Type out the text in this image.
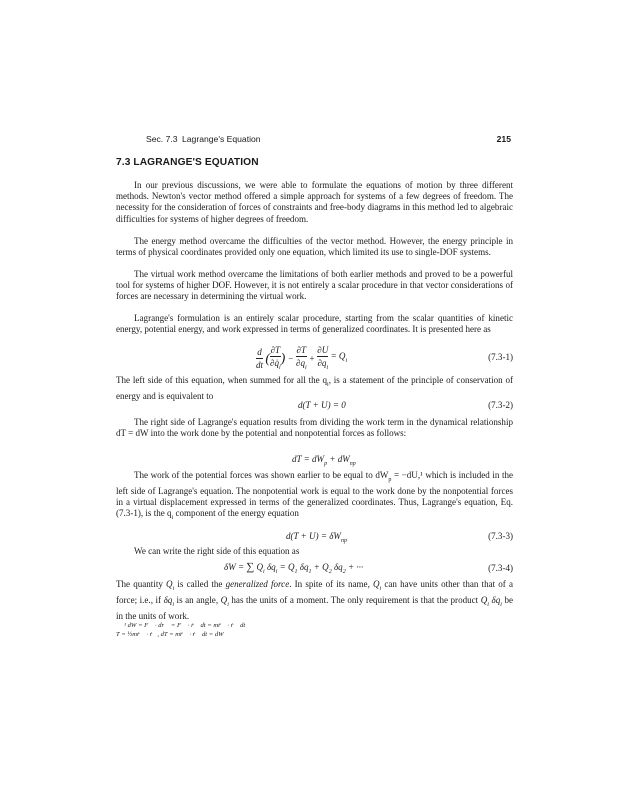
Sec. 7.3 Lagrange's Equation	215
7.3 LAGRANGE'S EQUATION

In our previous discussions, we were able to formulate the equations of motion by three different methods. Newton's vector method offered a simple approach for systems of a few degrees of freedom. The necessity for the consideration of forces of constraints and free-body diagrams in this method led to algebraic difficulties for systems of higher degrees of freedom.

The energy method overcame the difficulties of the vector method. However, the energy principle in terms of physical coordinates provided only one equation, which limited its use to single-DOF systems.

The virtual work method overcame the limitations of both earlier methods and proved to be a powerful tool for systems of higher DOF. However, it is not entirely a scalar procedure in that vector considerations of forces are necessary in determining the virtual work.

Lagrange's formulation is an entirely scalar procedure, starting from the scalar quantities of kinetic energy, potential energy, and work expressed in terms of generalized coordinates. It is presented here as

$\frac{d}{dt}$ ( $\frac{\partial T}{\partial q̇_i}$ ) − $\frac{\partial T}{\partial q_i} + \frac{\partial U}{\partial q_i} = Q_i$	(7.3-1)

The left side of this equation, when summed for all the $q_i$, is a statement of the principle of conservation of energy and is equivalent to

d(T + U) = 0	(7.3-2)

The right side of Lagrange's equation results from dividing the work term in the dynamical relationship dT = dW into the work done by the potential and nonpotential forces as follows:

dT = $dW_p + dW_{np}$

The work of the potential forces was shown earlier to be equal to $dW_p = -dU,^1$ which is included in the left side of Lagrange's equation. The nonpotential work is equal to the work done by the nonpotential forces in a virtual displacement expressed in terms of the generalized coordinates. Thus, Lagrange's equation, Eq. (7.3-1), is the $q_i$ component of the energy equation

$d(T + U) = \delta W_{np}$	(7.3-3)

We can write the right side of this equation as

δW = ∑ $Q_i$ $\delta q_i = Q_1$ $\delta q_1 + Q_2$ $\delta q_2$ + ···	(7.3-4)

The quantity $Q_i$ is called the generalized force. In spite of its name, $Q_i$ can have units other than that of a force; i.e., if $\delta q_i$ is an angle, $Q_i$ has the units of a moment. The only requirement is that the product $Q_i$ $\delta q_i$ be in the units of work.

¹ dW = F⃗ · dr⃗ = F⃗ · ṙ⃗ dt = mr̈⃗ · ṙ⃗ dt
T = ½mṙ⃗ · ṙ⃗, dT = mr̈⃗ · ṙ⃗ dt = dW
